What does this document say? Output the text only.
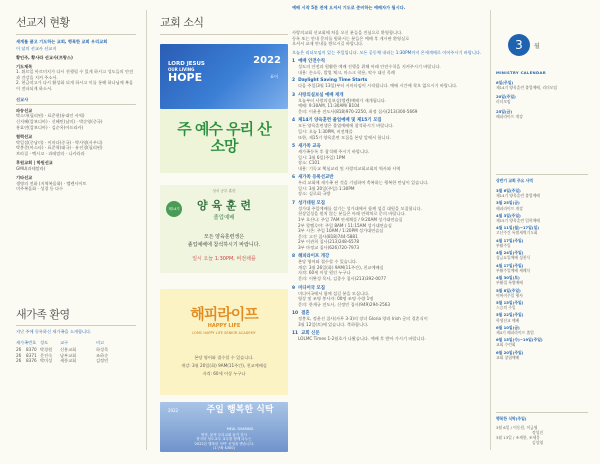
선교지 현황
세계를 품고 기도하는 교회, 행복한 교회 우리교회
이 달의 선교사 선교지
황인주, 황사라 선교사(프랑스)
기도제목
1. 튀르일 아르미지가 다시 진행될 수 있게 하시고 성도들의 안전과 건강을 지켜 주소서.
2. 현금작고가 다시 활성화 되게 하시고 이를 통해 하나님께 복음이 전파되게 하소서.
선교사
파송선교
박스마(필리핀) · 표준현(유대인 사역)
신지혜(캄보디아) · 신혜민(남미) · 박순영(중국)
홍효연(캄보디아) · 김순옥(아프리카)
협력선교
박일섭(중남미) · 이마다(중국) · 박사영(사우디)
박봉준(아스타) · 표준혁(태국) · 유진경(필리핀)
브라질 · 멕시코 · 과테말라 · 니카라과
후원교회 | 학원선교
GMU(과테말라)
기타선교
생명의 전화 (지역복음화) · 엘렌사이트
미주복음화 · 성경 등 다수
새가족 환영
지난 주에 등록하신 새가족을 소개합니다.
새가족번호	성도	교구	비고
26	8370	박경원	신흥교회	하성목
26	8371	문진숙	남부교회	조하순
26	8376	박미성	새풍교회	김정민
교회 소식
LORD JESUS
OUR LIVING
HOPE
2022
표어
주 예수 우리 산 소망
제14기
성서 공부 훈련
양 육 훈 련
졸업예배
모든 양육훈련생은
졸업예배에 참석하시기 바랍니다.
일시 오늘 1:30PM, 비전채플
해피라이프
HAPPY LIFE
LOMC HAPPY LIFE SENIOR ACADEMY
본당 영어와 접수할 수 있습니다.
개강: 3월 20일(화) 9AM(11주간), 친교예배실
자격: 60세 이상 누구나
2022	주일 행복한 식탁
MEAL SHARING
영적, 물적 우리교회 돕기 감사
한국어 성도교우 교우를 함께 나누는
'2022년 행복한 식탁' 신청을 받습니다.
(1구좌 $300)
예배 시작 5분 전에 오셔서 기도로 준비하는 예배자가 됩시다.
사랑의교회 선교회에 처음 오신 분들을 진심으로 환영합니다.
등록 또는 안내 문의를 원하시는 분들은 예배 후 게시판 환영실로
오셔서 교제 안내를 받으시길 바랍니다.
오늘은 리더모임이 있는 주일입니다. 모든 공동체 내리는 1:30PM까지 온세계에로 이어주시기 바랍니다.
1 예배 안전수칙
성도의 안전과 원활한 예배 진행을 위해 아래 안전수칙을 지켜주시기 바랍니다.
내용: 손소독, 발열 체크, 마스크 착용, 악수 대신 목례
2 Daylight Saving Time Starts
다음 주일(3월 13일)부터 서머타임이 시작됩니다. 예배 시간에 착오 없으시기 바랍니다.
3 사랑의실보실 예배 재개
오늘부터 사랑의실보실(엘렌)예배가 재개됩니다.
예배: 9:30AM, 11:30AM/ B104
문의: 이윤용 전도사(818)970-2250, 최정 집사(213)300-5669
4 제14기 양육훈련 졸업예배 및 제15기 모집
모든 양육훈련생은 졸업예배에 참석하시기 바랍니다.
일시: 오늘 1:30PM, 비전채플
또한, 제15기 양육훈련 모집을 본당 앞에서 합니다.
5 새가족 교육
새가족등록 후 참석해 주시기 바랍니다.
일시: 3월 6일(주일) 1PM
장소: C101
내용: 기독교 핵심교리 및 사랑의교회교회의 역사와 사역
6 새가족 등록선교반
우리 교회에 새가족 된 것을 기념하여 축복하는 행복한 만남이 있습니다.
일시: 3월 20일(주일) 1:30PM
장소: 실로회 국방
7 성가대원 모집
성가대 주일예배를 섬기는 성가대에서 함께 섬길 대원을 모집합니다.
천상일성을 원치 않는 분들은 아래 연락처로 문의 바랍니다.
1부 호산나: 주일 7AM 연세채플 / 9:20AM 성가대연습실
2부 할렐루야: 주일 8AM / 11:15AM 성가대연습실
3부 시온: 주일 10AM / 1:20PM 성가대연습실
문의: 고진 집사(818)744-5881
2부 이관희 집사(213)248-6578
3부 마정교 집사(626)720-7973
8 해피라이프 개강
본당 영어와 접수할 수 있습니다.
개강: 3월 26일(화) 9AM(11주간), 친교예배실
자격: 60세 이상 원인 누구나
문의: 이완성 목사, 김종수 집사(213)392-0077
9 미디어국 모집
미디어국에서 함께 섬길 분을 모십니다.
영상 및 조명 봉사자: 00명 조명 수량 1명
문의: 한재규 전도사, 신정민 집사(949)294-2563
10 결혼
정봉호, 정윤선 집사(사무 3-3)의 장녀 Gloria 양과 Irish 군의 결혼식이
3월 12일(토)에 있습니다. 축하합니다.
11 교회 신문
LOLMC Times 1-2월호가 나왔습니다. 예배 후 받아 가시기 바랍니다.
3	월
MINISTRY CALENDAR
6일(주일)
제14기 양육훈련 졸업예배, 리더모임
20일(주일)
리더모임
25일(금)
해피라이프 개강
상반기 교회 주요 사역
3월 6일(주일)
제14기 양육훈련 졸업예배
3월 25일(금)
해피라이프 개강
4월 3일(주일)
제15기 양육훈련 입학예배
4월 11일(월)~17일(일)
고난주간 특별새벽기도회
4월 17일(주일)
부활주일
4월 24일(주일)
성금요일예배 성찬식
4월 17일(주일)
부활주일예배 세례식
4월 30일(토)
부활절 특별예배
5월 8일(주일)
어버이주일 행사
5월 15일(주일)
스승의 주일
5월 22일(주일)
학생선교 예배
6월 10일(금)
제4기 해피라이프 졸업
6월 15일(수)~19일(주일)
교회 수련회
6월 20일(주일)
교회 창립예배
행복한 식탁(주일)
3월 6일 / 이동림, 이금영
정성진
3월 13일 / 조세붕, 조세웅
김성영
